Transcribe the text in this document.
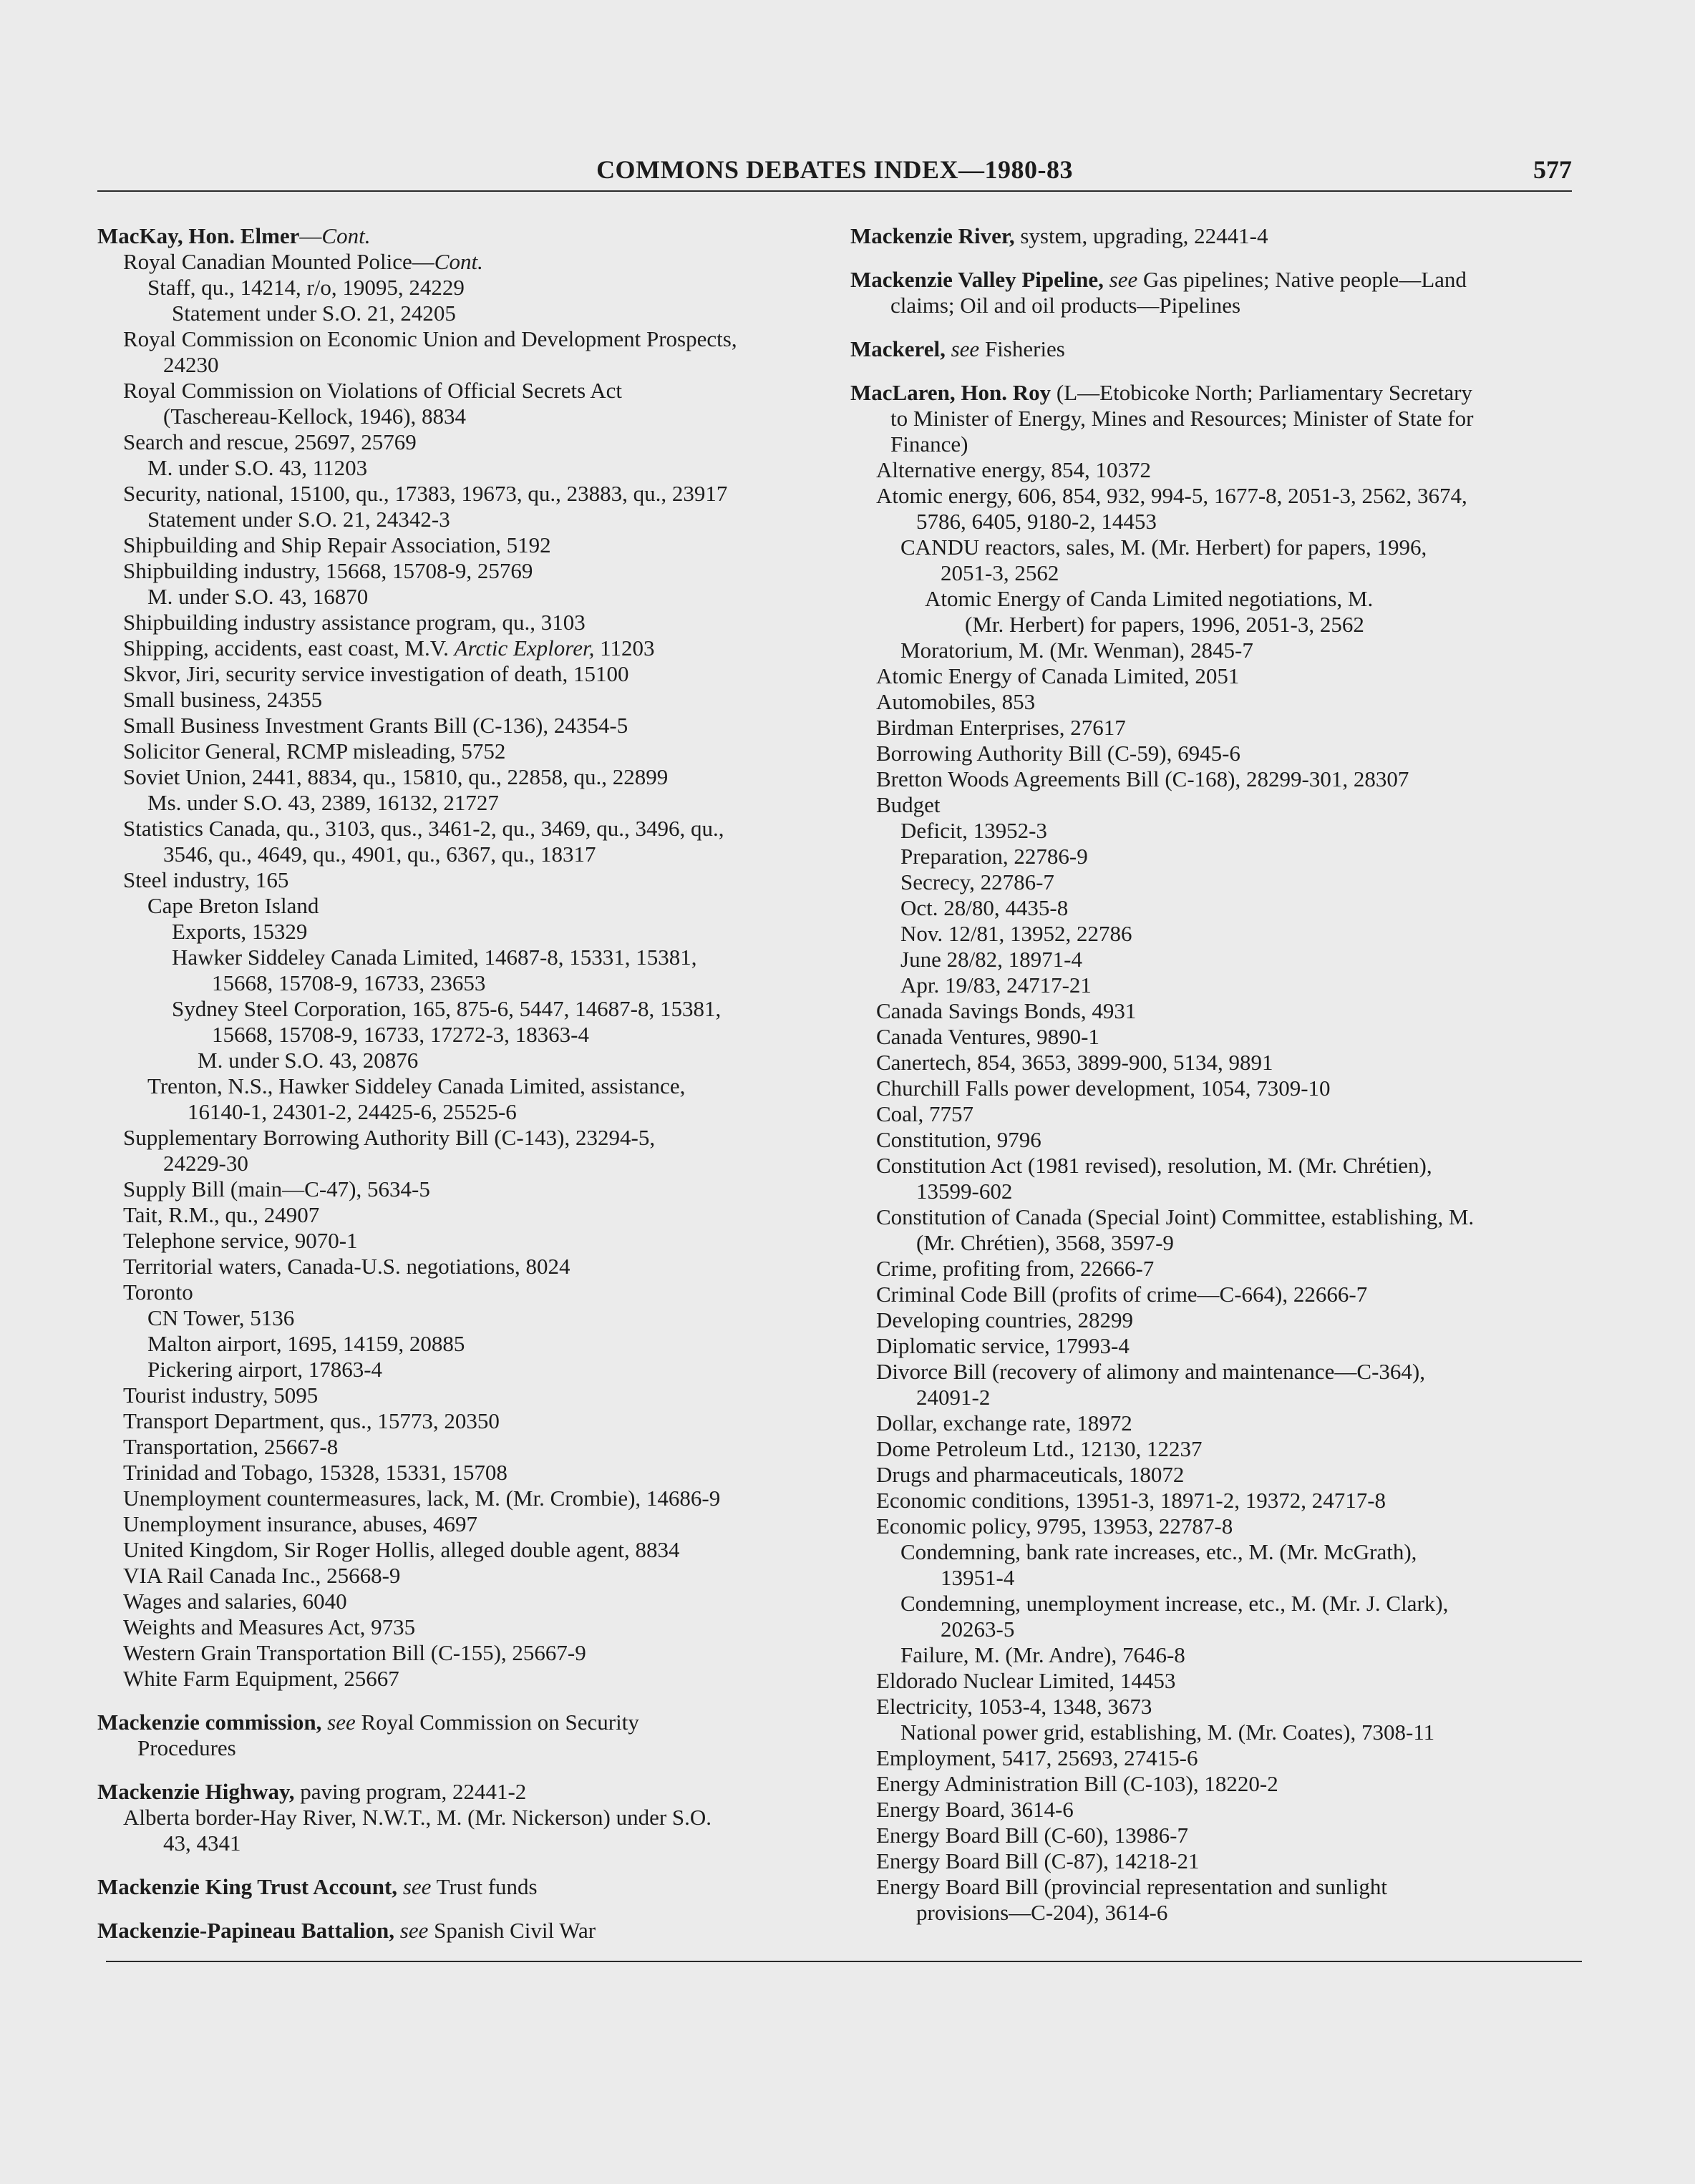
COMMONS DEBATES INDEX—1980-83	577
MacKay, Hon. Elmer—Cont.
Royal Canadian Mounted Police—Cont.
Staff, qu., 14214, r/o, 19095, 24229
Statement under S.O. 21, 24205
Royal Commission on Economic Union and Development Prospects,
24230
Royal Commission on Violations of Official Secrets Act
(Taschereau-Kellock, 1946), 8834
Search and rescue, 25697, 25769
M. under S.O. 43, 11203
Security, national, 15100, qu., 17383, 19673, qu., 23883, qu., 23917
Statement under S.O. 21, 24342-3
Shipbuilding and Ship Repair Association, 5192
Shipbuilding industry, 15668, 15708-9, 25769
M. under S.O. 43, 16870
Shipbuilding industry assistance program, qu., 3103
Shipping, accidents, east coast, M.V. Arctic Explorer, 11203
Skvor, Jiri, security service investigation of death, 15100
Small business, 24355
Small Business Investment Grants Bill (C-136), 24354-5
Solicitor General, RCMP misleading, 5752
Soviet Union, 2441, 8834, qu., 15810, qu., 22858, qu., 22899
Ms. under S.O. 43, 2389, 16132, 21727
Statistics Canada, qu., 3103, qus., 3461-2, qu., 3469, qu., 3496, qu.,
3546, qu., 4649, qu., 4901, qu., 6367, qu., 18317
Steel industry, 165
Cape Breton Island
Exports, 15329
Hawker Siddeley Canada Limited, 14687-8, 15331, 15381,
15668, 15708-9, 16733, 23653
Sydney Steel Corporation, 165, 875-6, 5447, 14687-8, 15381,
15668, 15708-9, 16733, 17272-3, 18363-4
M. under S.O. 43, 20876
Trenton, N.S., Hawker Siddeley Canada Limited, assistance,
16140-1, 24301-2, 24425-6, 25525-6
Supplementary Borrowing Authority Bill (C-143), 23294-5,
24229-30
Supply Bill (main—C-47), 5634-5
Tait, R.M., qu., 24907
Telephone service, 9070-1
Territorial waters, Canada-U.S. negotiations, 8024
Toronto
CN Tower, 5136
Malton airport, 1695, 14159, 20885
Pickering airport, 17863-4
Tourist industry, 5095
Transport Department, qus., 15773, 20350
Transportation, 25667-8
Trinidad and Tobago, 15328, 15331, 15708
Unemployment countermeasures, lack, M. (Mr. Crombie), 14686-9
Unemployment insurance, abuses, 4697
United Kingdom, Sir Roger Hollis, alleged double agent, 8834
VIA Rail Canada Inc., 25668-9
Wages and salaries, 6040
Weights and Measures Act, 9735
Western Grain Transportation Bill (C-155), 25667-9
White Farm Equipment, 25667
Mackenzie commission, see Royal Commission on Security
Procedures
Mackenzie Highway, paving program, 22441-2
Alberta border-Hay River, N.W.T., M. (Mr. Nickerson) under S.O.
43, 4341
Mackenzie King Trust Account, see Trust funds
Mackenzie-Papineau Battalion, see Spanish Civil War
Mackenzie River, system, upgrading, 22441-4
Mackenzie Valley Pipeline, see Gas pipelines; Native people—Land
claims; Oil and oil products—Pipelines
Mackerel, see Fisheries
MacLaren, Hon. Roy (L—Etobicoke North; Parliamentary Secretary
to Minister of Energy, Mines and Resources; Minister of State for
Finance)
Alternative energy, 854, 10372
Atomic energy, 606, 854, 932, 994-5, 1677-8, 2051-3, 2562, 3674,
5786, 6405, 9180-2, 14453
CANDU reactors, sales, M. (Mr. Herbert) for papers, 1996,
2051-3, 2562
Atomic Energy of Canda Limited negotiations, M.
(Mr. Herbert) for papers, 1996, 2051-3, 2562
Moratorium, M. (Mr. Wenman), 2845-7
Atomic Energy of Canada Limited, 2051
Automobiles, 853
Birdman Enterprises, 27617
Borrowing Authority Bill (C-59), 6945-6
Bretton Woods Agreements Bill (C-168), 28299-301, 28307
Budget
Deficit, 13952-3
Preparation, 22786-9
Secrecy, 22786-7
Oct. 28/80, 4435-8
Nov. 12/81, 13952, 22786
June 28/82, 18971-4
Apr. 19/83, 24717-21
Canada Savings Bonds, 4931
Canada Ventures, 9890-1
Canertech, 854, 3653, 3899-900, 5134, 9891
Churchill Falls power development, 1054, 7309-10
Coal, 7757
Constitution, 9796
Constitution Act (1981 revised), resolution, M. (Mr. Chrétien),
13599-602
Constitution of Canada (Special Joint) Committee, establishing, M.
(Mr. Chrétien), 3568, 3597-9
Crime, profiting from, 22666-7
Criminal Code Bill (profits of crime—C-664), 22666-7
Developing countries, 28299
Diplomatic service, 17993-4
Divorce Bill (recovery of alimony and maintenance—C-364),
24091-2
Dollar, exchange rate, 18972
Dome Petroleum Ltd., 12130, 12237
Drugs and pharmaceuticals, 18072
Economic conditions, 13951-3, 18971-2, 19372, 24717-8
Economic policy, 9795, 13953, 22787-8
Condemning, bank rate increases, etc., M. (Mr. McGrath),
13951-4
Condemning, unemployment increase, etc., M. (Mr. J. Clark),
20263-5
Failure, M. (Mr. Andre), 7646-8
Eldorado Nuclear Limited, 14453
Electricity, 1053-4, 1348, 3673
National power grid, establishing, M. (Mr. Coates), 7308-11
Employment, 5417, 25693, 27415-6
Energy Administration Bill (C-103), 18220-2
Energy Board, 3614-6
Energy Board Bill (C-60), 13986-7
Energy Board Bill (C-87), 14218-21
Energy Board Bill (provincial representation and sunlight
provisions—C-204), 3614-6
